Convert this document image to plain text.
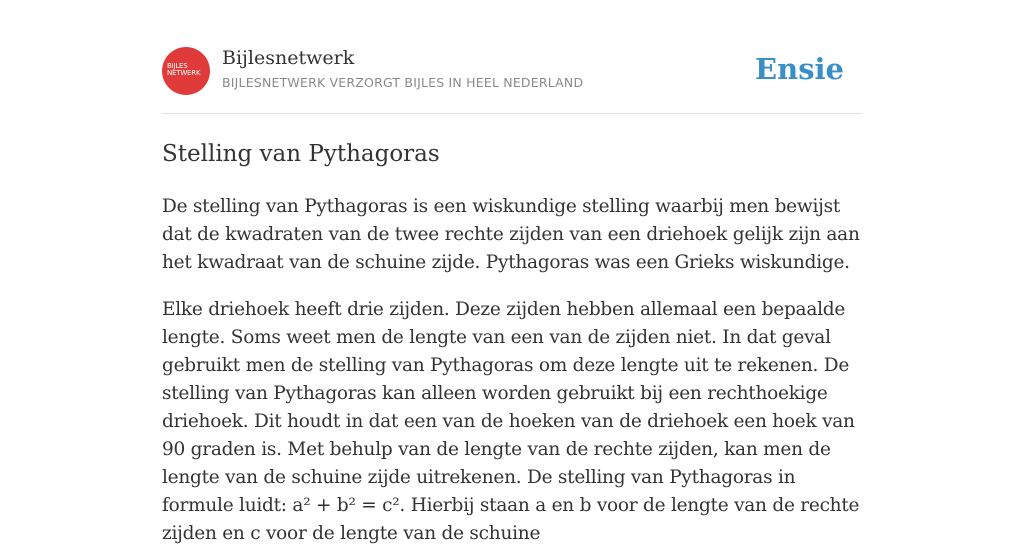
BIJLES
NETWERK
Bijlesnetwerk
BIJLESNETWERK VERZORGT BIJLES IN HEEL NEDERLAND	Ensie
Stelling van Pythagoras

De stelling van Pythagoras is een wiskundige stelling waarbij men bewijst dat de kwadraten van de twee rechte zijden van een driehoek gelijk zijn aan het kwadraat van de schuine zijde. Pythagoras was een Grieks wiskundige.

Elke driehoek heeft drie zijden. Deze zijden hebben allemaal een bepaalde lengte. Soms weet men de lengte van een van de zijden niet. In dat geval gebruikt men de stelling van Pythagoras om deze lengte uit te rekenen. De stelling van Pythagoras kan alleen worden gebruikt bij een rechthoekige driehoek. Dit houdt in dat een van de hoeken van de driehoek een hoek van 90 graden is. Met behulp van de lengte van de rechte zijden, kan men de lengte van de schuine zijde uitrekenen. De stelling van Pythagoras in formule luidt: a² + b² = c². Hierbij staan a en b voor de lengte van de rechte zijden en c voor de lengte van de schuine
